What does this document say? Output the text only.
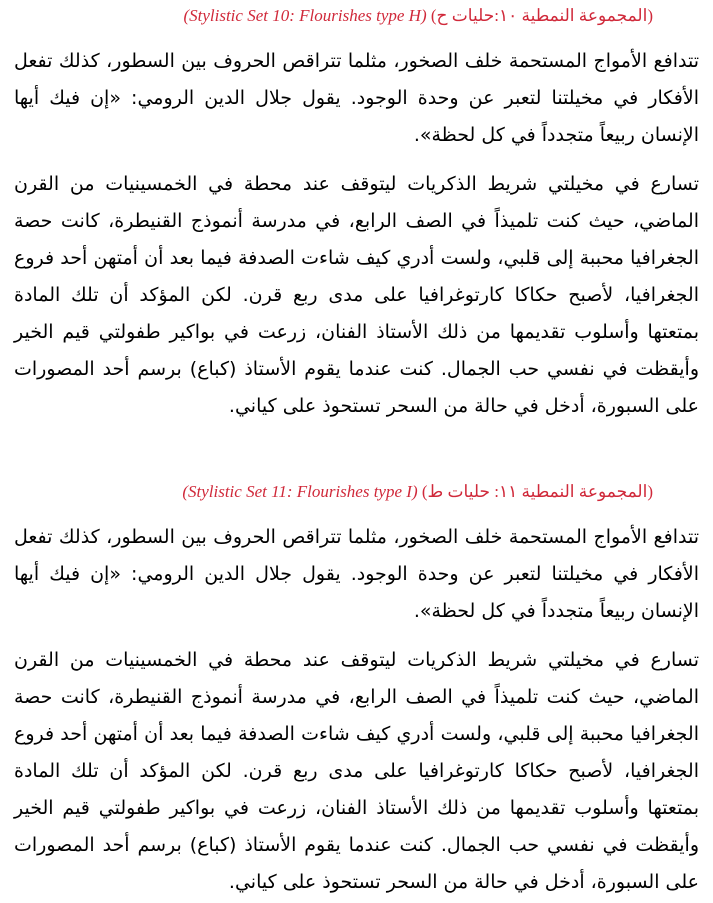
(المجموعة النمطية ١٠:حليات ح) (Stylistic Set 10: Flourishes type H)

تتدافع الأمواج المستحمة خلف الصخور، مثلما تتراقص الحروف بين السطور، كذلك تفعل الأفكار في مخيلتنا لتعبر عن وحدة الوجود. يقول جلال الدين الرومي: «إن فيك أيها الإنسان ربيعاً متجدداً في كل لحظة».

تسارع في مخيلتي شريط الذكريات ليتوقف عند محطة في الخمسينيات من القرن الماضي، حيث كنت تلميذاً في الصف الرابع، في مدرسة أنموذج القنيطرة، كانت حصة الجغرافيا محببة إلى قلبي، ولست أدري كيف شاءت الصدفة فيما بعد أن أمتهن أحد فروع الجغرافيا، لأصبح حكاكا كارتوغرافيا على مدى ربع قرن. لكن المؤكد أن تلك المادة بمتعتها وأسلوب تقديمها من ذلك الأستاذ الفنان، زرعت في بواكير طفولتي قيم الخير وأيقظت في نفسي حب الجمال. كنت عندما يقوم الأستاذ (كباع) برسم أحد المصورات على السبورة، أدخل في حالة من السحر تستحوذ على كياني.

(المجموعة النمطية ١١: حليات ط) (Stylistic Set 11: Flourishes type I)

تتدافع الأمواج المستحمة خلف الصخور، مثلما تتراقص الحروف بين السطور، كذلك تفعل الأفكار في مخيلتنا لتعبر عن وحدة الوجود. يقول جلال الدين الرومي: «إن فيك أيها الإنسان ربيعاً متجدداً في كل لحظة».

تسارع في مخيلتي شريط الذكريات ليتوقف عند محطة في الخمسينيات من القرن الماضي، حيث كنت تلميذاً في الصف الرابع، في مدرسة أنموذج القنيطرة، كانت حصة الجغرافيا محببة إلى قلبي، ولست أدري كيف شاءت الصدفة فيما بعد أن أمتهن أحد فروع الجغرافيا، لأصبح حكاكا كارتوغرافيا على مدى ربع قرن. لكن المؤكد أن تلك المادة بمتعتها وأسلوب تقديمها من ذلك الأستاذ الفنان، زرعت في بواكير طفولتي قيم الخير وأيقظت في نفسي حب الجمال. كنت عندما يقوم الأستاذ (كباع) برسم أحد المصورات على السبورة، أدخل في حالة من السحر تستحوذ على كياني.
